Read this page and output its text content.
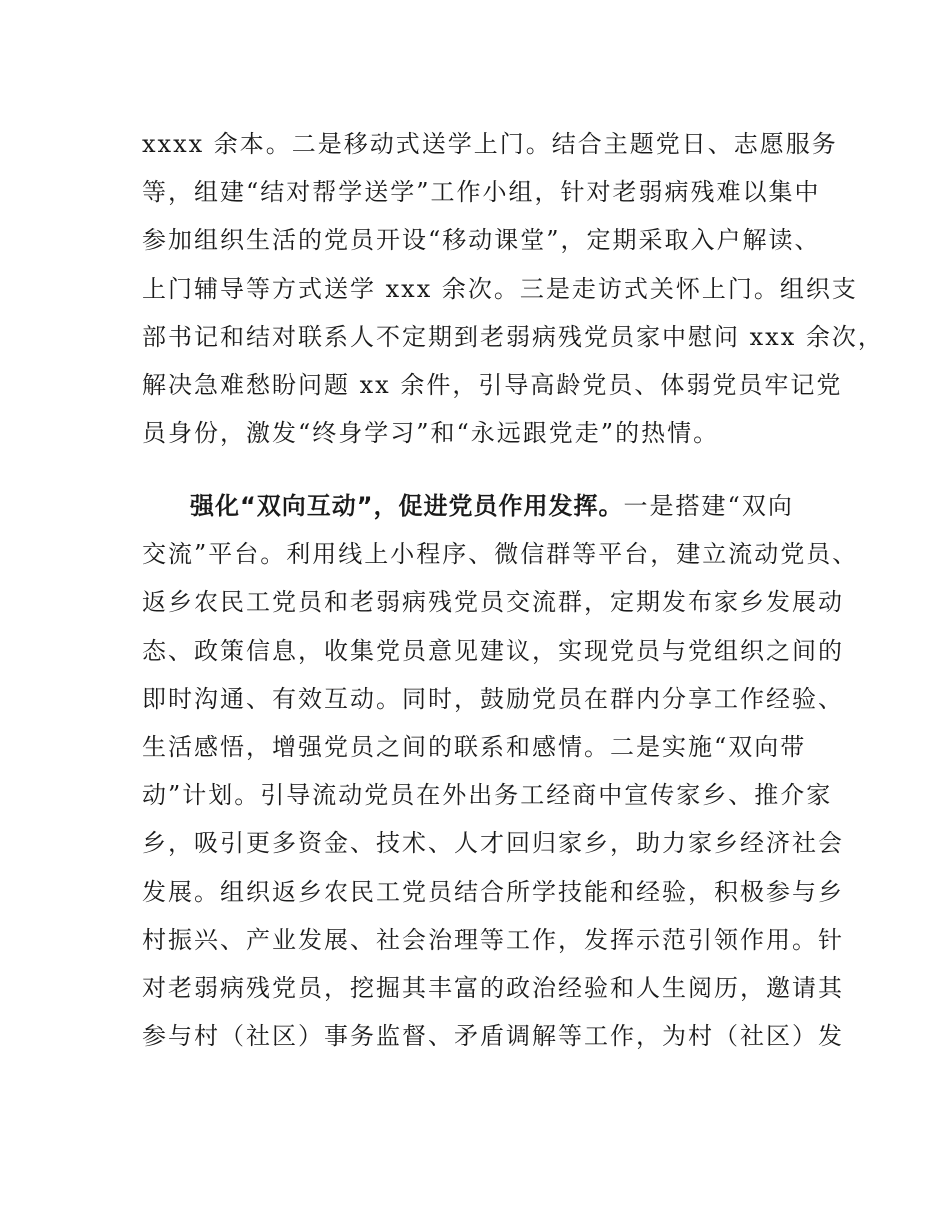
xxxx 余本。二是移动式送学上门。结合主题党日、志愿服务
等，组建“结对帮学送学”工作小组，针对老弱病残难以集中
参加组织生活的党员开设“移动课堂”，定期采取入户解读、
上门辅导等方式送学 xxx 余次。三是走访式关怀上门。组织支
部书记和结对联系人不定期到老弱病残党员家中慰问 xxx 余次，
解决急难愁盼问题 xx 余件，引导高龄党员、体弱党员牢记党
员身份，激发“终身学习”和“永远跟党走”的热情。
强化“双向互动”，促进党员作用发挥。一是搭建“双向
交流”平台。利用线上小程序、微信群等平台，建立流动党员、
返乡农民工党员和老弱病残党员交流群，定期发布家乡发展动
态、政策信息，收集党员意见建议，实现党员与党组织之间的
即时沟通、有效互动。同时，鼓励党员在群内分享工作经验、
生活感悟，增强党员之间的联系和感情。二是实施“双向带
动”计划。引导流动党员在外出务工经商中宣传家乡、推介家
乡，吸引更多资金、技术、人才回归家乡，助力家乡经济社会
发展。组织返乡农民工党员结合所学技能和经验，积极参与乡
村振兴、产业发展、社会治理等工作，发挥示范引领作用。针
对老弱病残党员，挖掘其丰富的政治经验和人生阅历，邀请其
参与村（社区）事务监督、矛盾调解等工作，为村（社区）发
